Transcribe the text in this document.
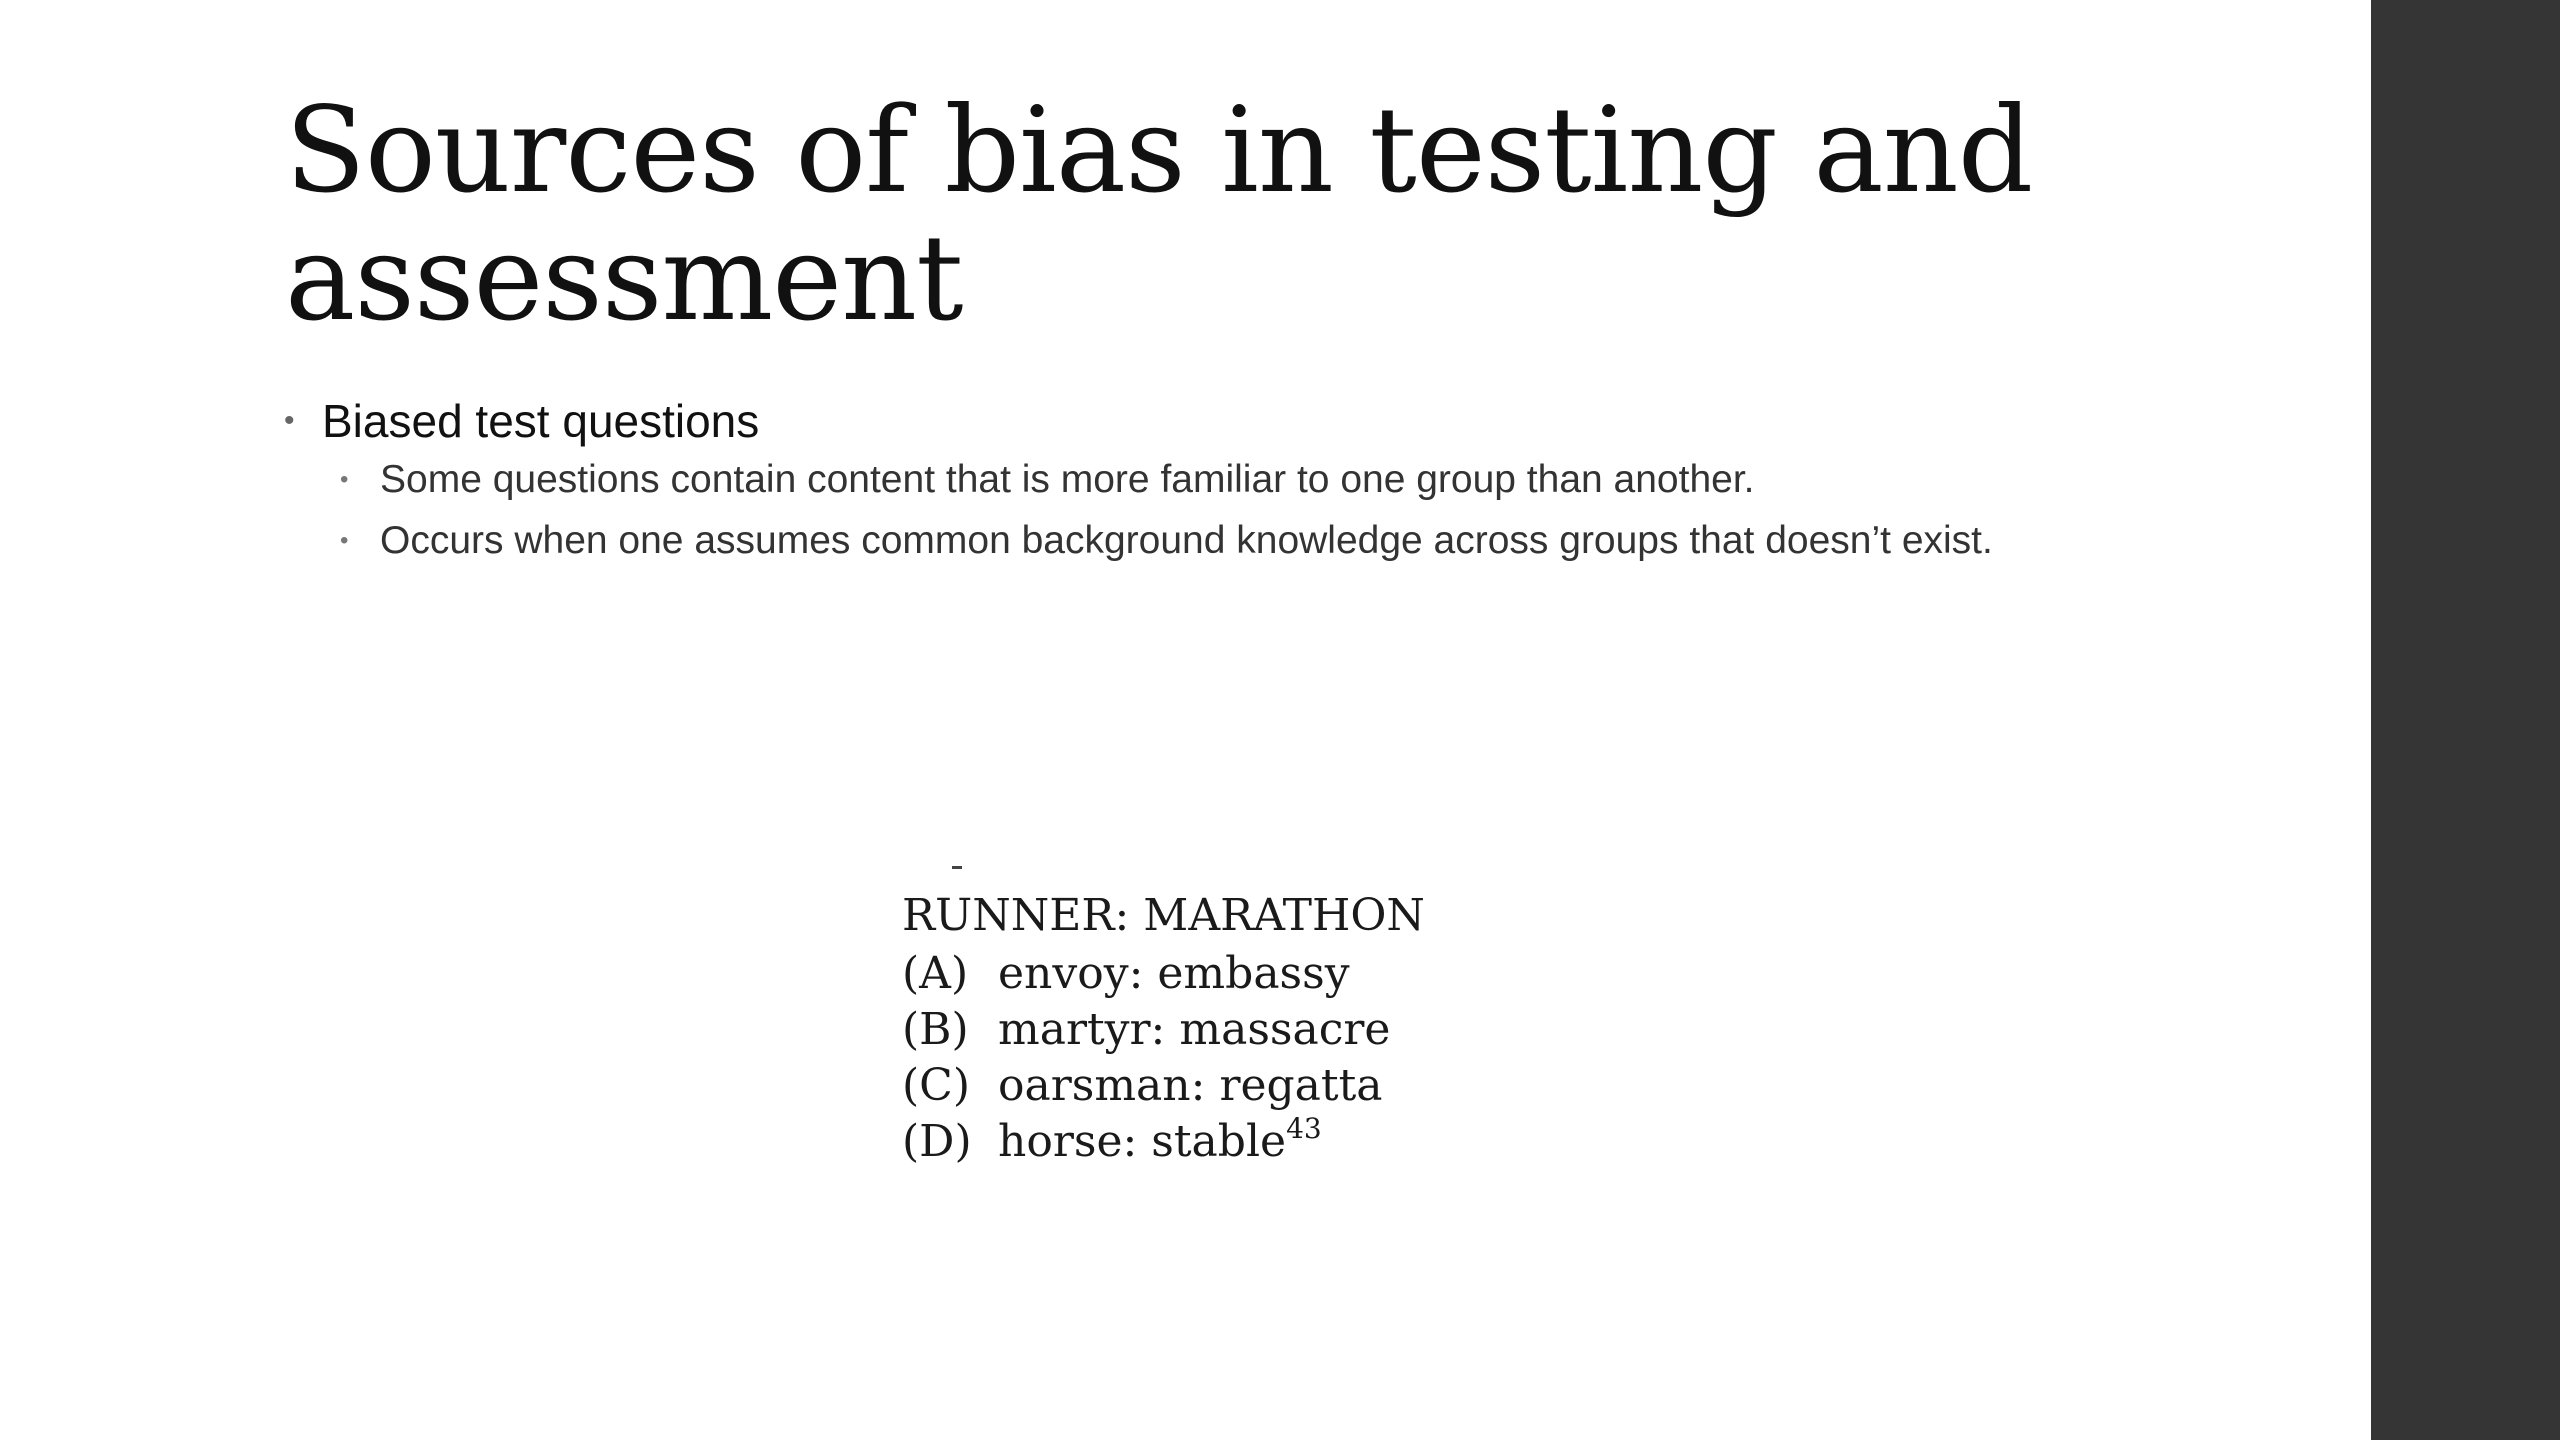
Sources of bias in testing and assessment
• Biased test questions
• Some questions contain content that is more familiar to one group than another.
• Occurs when one assumes common background knowledge across groups that doesn’t exist.
RUNNER: MARATHON
(A) envoy: embassy
(B) martyr: massacre
(C) oarsman: regatta
(D) horse: stable$^{43}$
